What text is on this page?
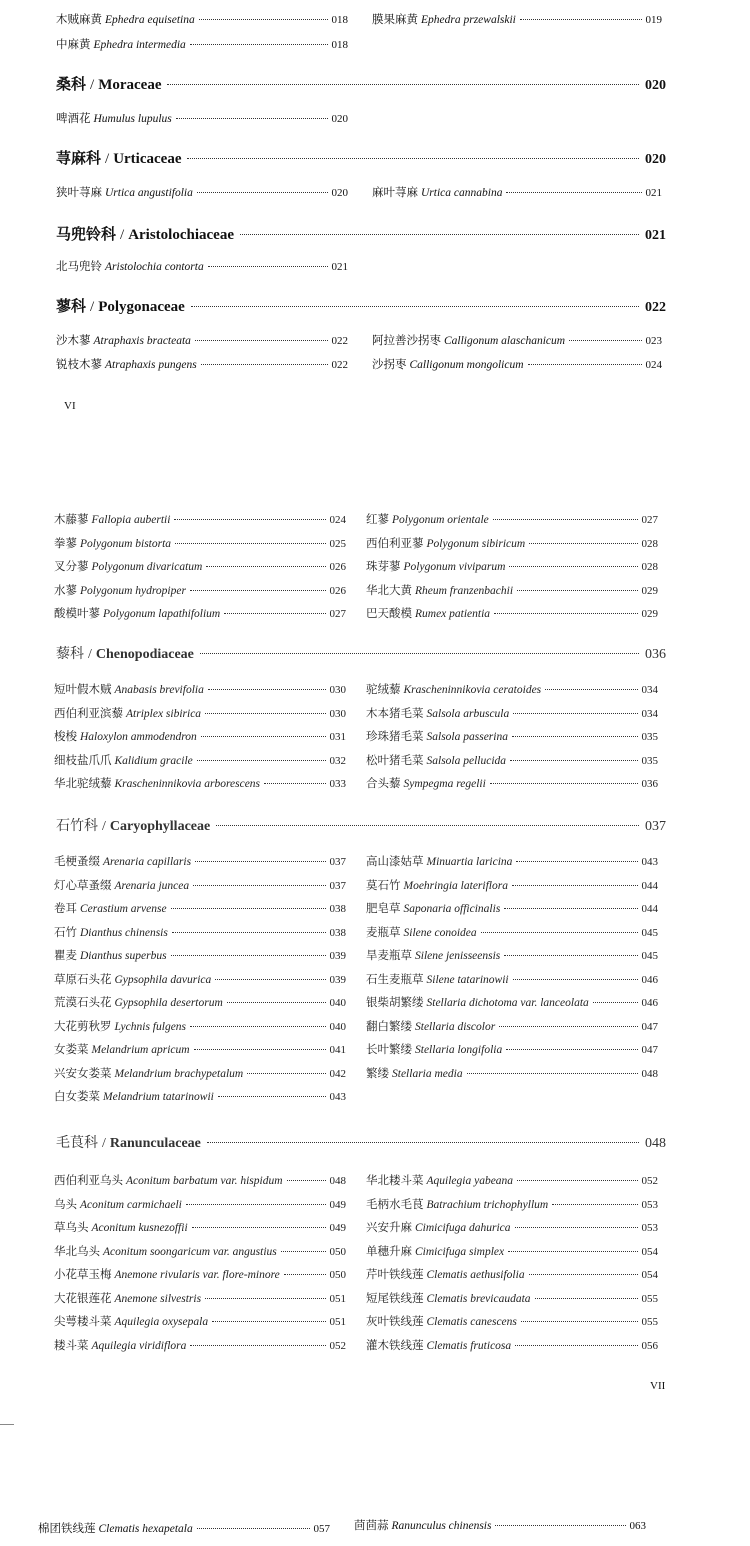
木贼麻黄 Ephedra equisetina	018 膜果麻黄 Ephedra przewalskii	019
中麻黄 Ephedra intermedia	018
桑科 / Moraceae	020
啤酒花 Humulus lupulus	020
荨麻科 / Urticaceae	020
狭叶荨麻 Urtica angustifolia	020 麻叶荨麻 Urtica cannabina	021
马兜铃科 / Aristolochiaceae	021
北马兜铃 Aristolochia contorta	021
蓼科 / Polygonaceae	022
沙木蓼 Atraphaxis bracteata	022 阿拉善沙拐枣 Calligonum alaschanicum	023
锐枝木蓼 Atraphaxis pungens	022 沙拐枣 Calligonum mongolicum	024
VI
木藤蓼 Fallopia aubertii	024
拳蓼 Polygonum bistorta	025
叉分蓼 Polygonum divaricatum	026
水蓼 Polygonum hydropiper	026
酸模叶蓼 Polygonum lapathifolium	027
红蓼 Polygonum orientale	027
西伯利亚蓼 Polygonum sibiricum	028
珠芽蓼 Polygonum viviparum	028
华北大黄 Rheum franzenbachii	029
巴天酸模 Rumex patientia	029
藜科 / Chenopodiaceae	036
短叶假木贼 Anabasis brevifolia	030
西伯利亚滨藜 Atriplex sibirica	030
梭梭 Haloxylon ammodendron	031
细枝盐爪爪 Kalidium gracile	032
华北驼绒藜 Krascheninnikovia arborescens	033
驼绒藜 Krascheninnikovia ceratoides	034
木本猪毛菜 Salsola arbuscula	034
珍珠猪毛菜 Salsola passerina	035
松叶猪毛菜 Salsola pellucida	035
合头藜 Sympegma regelii	036
石竹科 / Caryophyllaceae	037
毛梗蚤缀 Arenaria capillaris	037
灯心草蚤缀 Arenaria juncea	037
卷耳 Cerastium arvense	038
石竹 Dianthus chinensis	038
瞿麦 Dianthus superbus	039
草原石头花 Gypsophila davurica	039
荒漠石头花 Gypsophila desertorum	040
大花剪秋罗 Lychnis fulgens	040
女娄菜 Melandrium apricum	041
兴安女娄菜 Melandrium brachypetalum	042
白女娄菜 Melandrium tatarinowii	043
高山漆姑草 Minuartia laricina	043
莫石竹 Moehringia lateriflora	044
肥皂草 Saponaria officinalis	044
麦瓶草 Silene conoidea	045
旱麦瓶草 Silene jenisseensis	045
石生麦瓶草 Silene tatarinowii	046
银柴胡繁缕 Stellaria dichotoma var. lanceolata	046
翻白繁缕 Stellaria discolor	047
长叶繁缕 Stellaria longifolia	047
繁缕 Stellaria media	048
毛茛科 / Ranunculaceae	048
西伯利亚乌头 Aconitum barbatum var. hispidum	048
乌头 Aconitum carmichaeli	049
草乌头 Aconitum kusnezoffii	049
华北乌头 Aconitum soongaricum var. angustius	050
小花草玉梅 Anemone rivularis var. flore-minore	050
大花银莲花 Anemone silvestris	051
尖萼耧斗菜 Aquilegia oxysepala	051
耧斗菜 Aquilegia viridiflora	052
华北耧斗菜 Aquilegia yabeana	052
毛柄水毛茛 Batrachium trichophyllum	053
兴安升麻 Cimicifuga dahurica	053
单穗升麻 Cimicifuga simplex	054
芹叶铁线莲 Clematis aethusifolia	054
短尾铁线莲 Clematis brevicaudata	055
灰叶铁线莲 Clematis canescens	055
灌木铁线莲 Clematis fruticosa	056
VII
棉团铁线莲 Clematis hexapetala	057 茴茴蒜 Ranunculus chinensis	063
